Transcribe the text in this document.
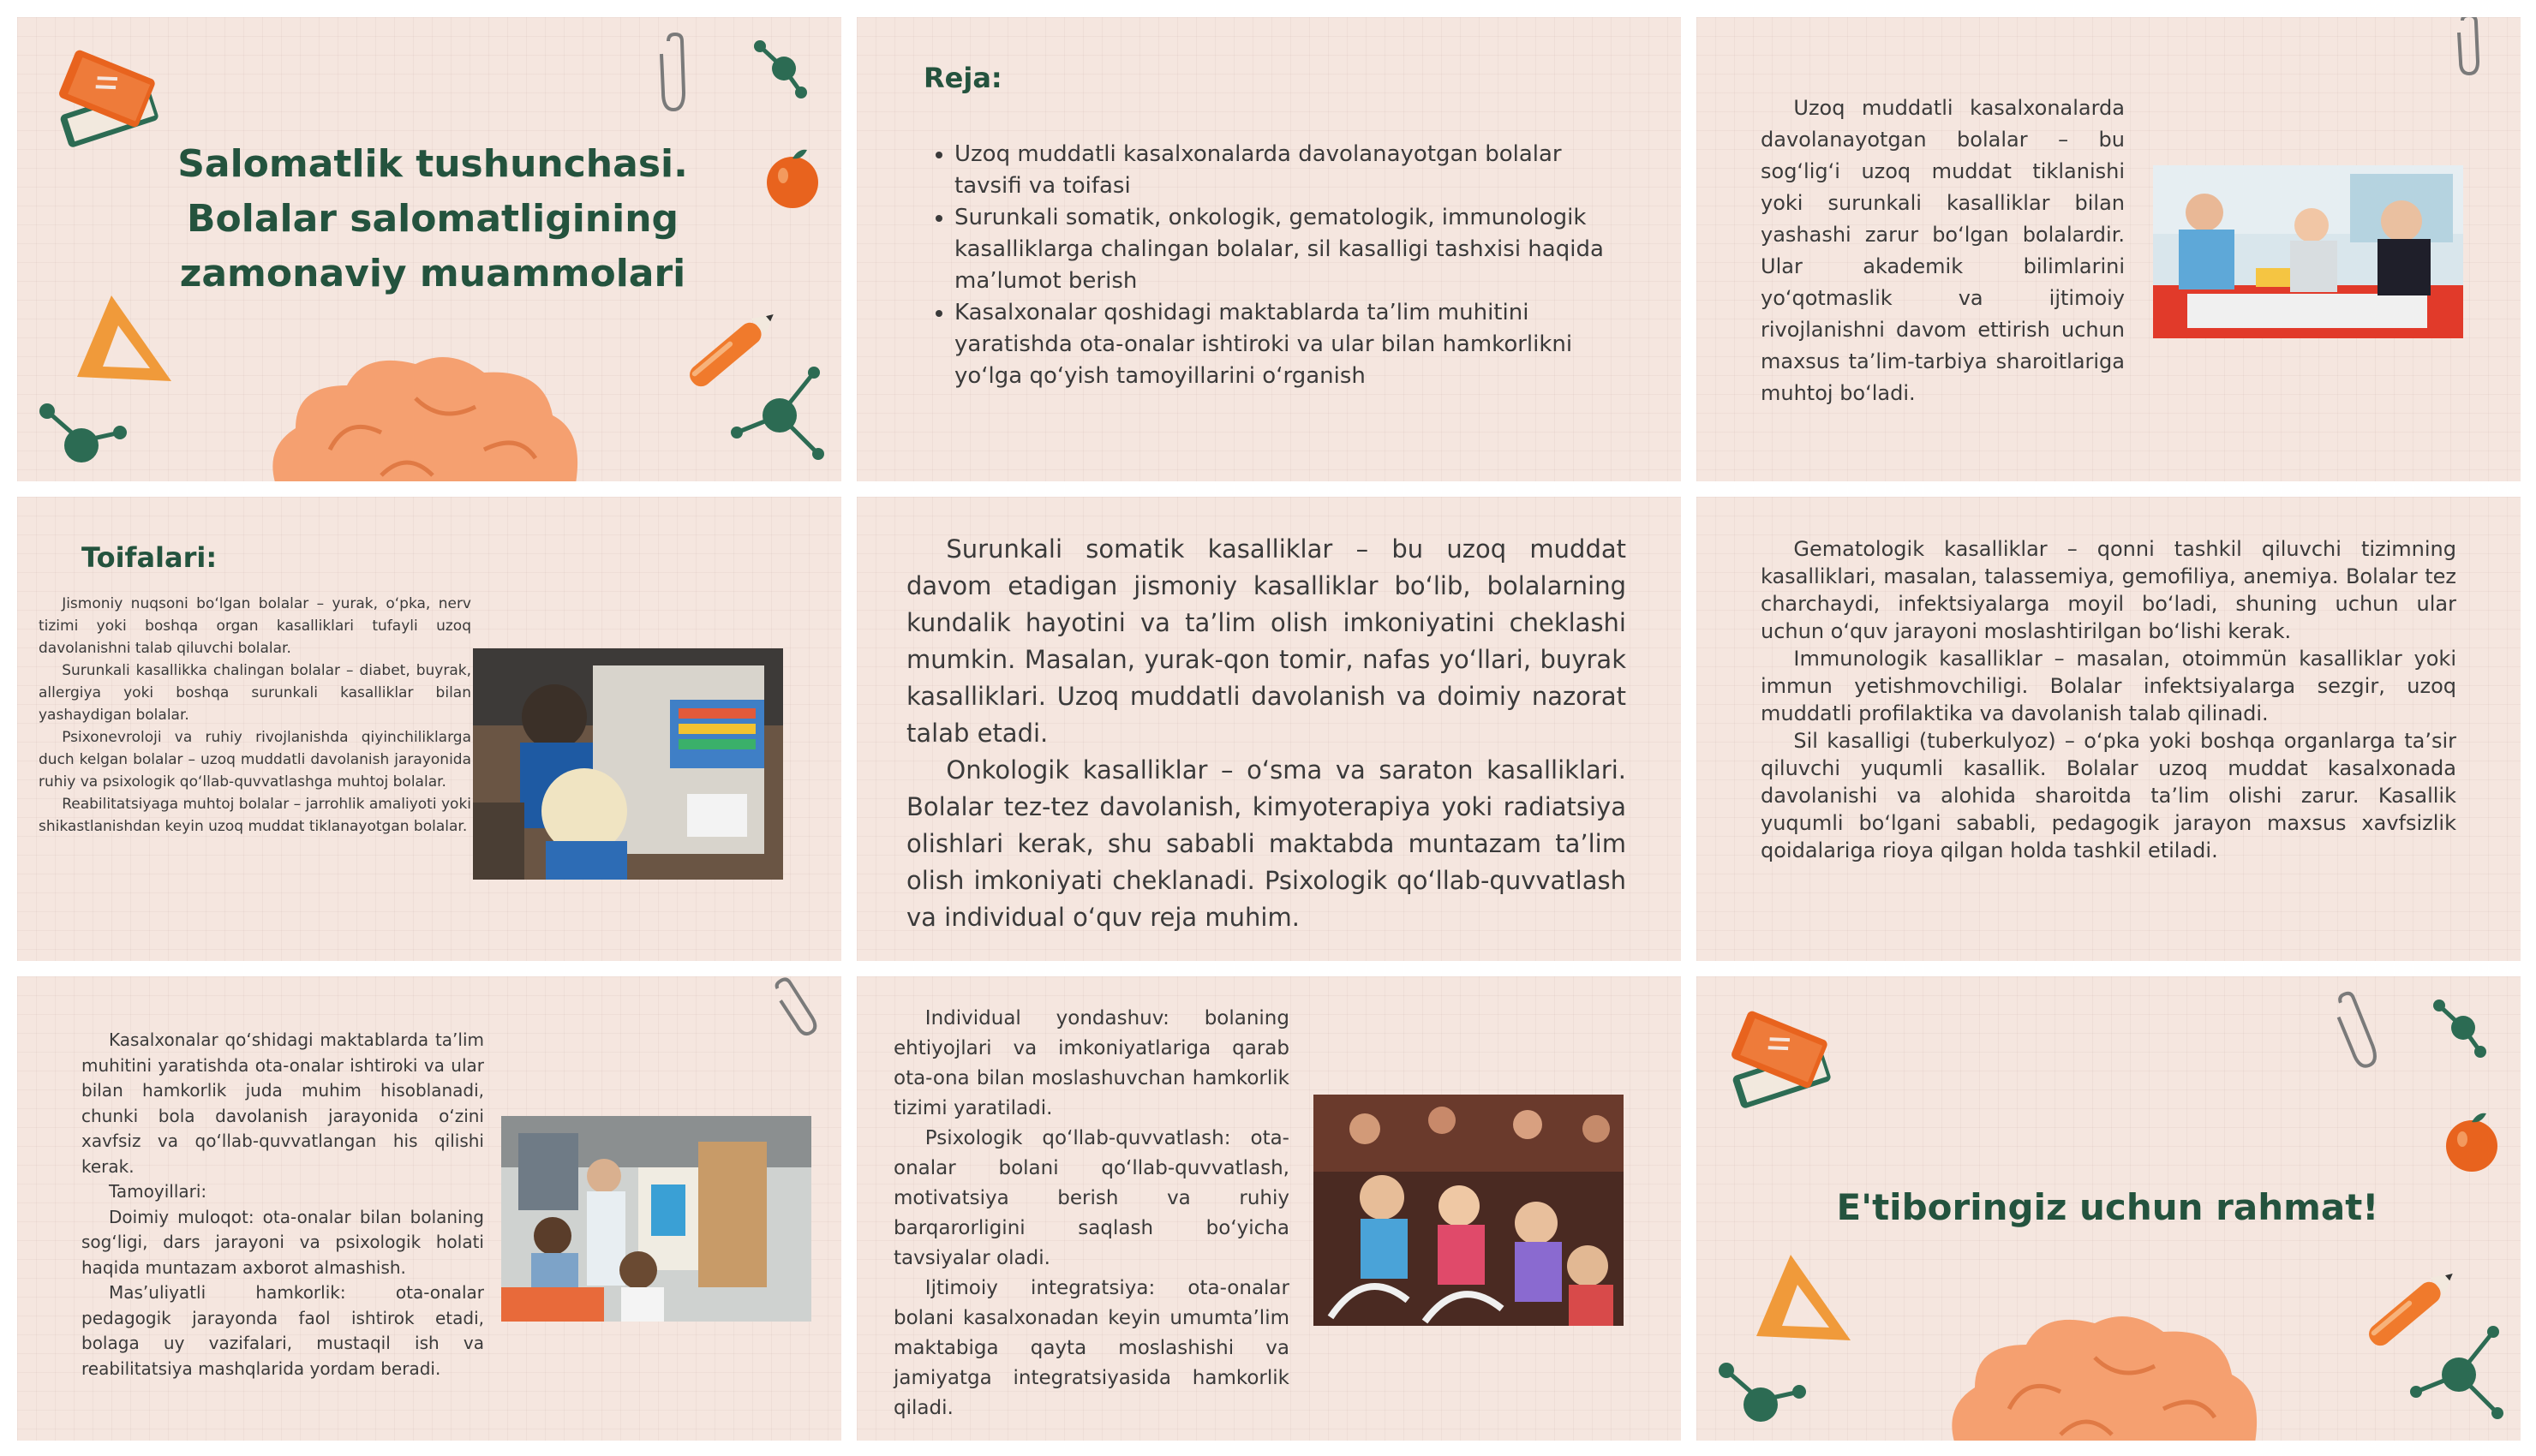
Salomatlik tushunchasi. Bolalar salomatligining zamonaviy muammolari
Reja:
• Uzoq muddatli kasalxonalarda davolanayotgan bolalar tavsifi va toifasi
• Surunkali somatik, onkologik, gematologik, immunologik kasalliklarga chalingan bolalar, sil kasalligi tashxisi haqida ma’lumot berish
• Kasalxonalar qoshidagi maktablarda ta’lim muhitini yaratishda ota-onalar ishtiroki va ular bilan hamkorlikni yo‘lga qo‘yish tamoyillarini o‘rganish

Uzoq muddatli kasalxonalarda davolanayotgan bolalar – bu sog‘lig‘i uzoq muddat tiklanishi yoki surunkali kasalliklar bilan yashashi zarur bo‘lgan bolalardir. Ular akademik bilimlarini yo‘qotmaslik va ijtimoiy rivojlanishni davom ettirish uchun maxsus ta’lim-tarbiya sharoitlariga muhtoj bo‘ladi.

Toifalari:

Jismoniy nuqsoni bo‘lgan bolalar – yurak, o‘pka, nerv tizimi yoki boshqa organ kasalliklari tufayli uzoq davolanishni talab qiluvchi bolalar.

Surunkali kasallikka chalingan bolalar – diabet, buyrak, allergiya yoki boshqa surunkali kasalliklar bilan yashaydigan bolalar.

Psixonevroloji va ruhiy rivojlanishda qiyinchiliklarga duch kelgan bolalar – uzoq muddatli davolanish jarayonida ruhiy va psixologik qo‘llab-quvvatlashga muhtoj bolalar.

Reabilitatsiyaga muhtoj bolalar – jarrohlik amaliyoti yoki shikastlanishdan keyin uzoq muddat tiklanayotgan bolalar.

Surunkali somatik kasalliklar – bu uzoq muddat davom etadigan jismoniy kasalliklar bo‘lib, bolalarning kundalik hayotini va ta’lim olish imkoniyatini cheklashi mumkin. Masalan, yurak-qon tomir, nafas yo‘llari, buyrak kasalliklari. Uzoq muddatli davolanish va doimiy nazorat talab etadi.

Onkologik kasalliklar – o‘sma va saraton kasalliklari. Bolalar tez-tez davolanish, kimyoterapiya yoki radiatsiya olishlari kerak, shu sababli maktabda muntazam ta’lim olish imkoniyati cheklanadi. Psixologik qo‘llab-quvvatlash va individual o‘quv reja muhim.

Gematologik kasalliklar – qonni tashkil qiluvchi tizimning kasalliklari, masalan, talassemiya, gemofiliya, anemiya. Bolalar tez charchaydi, infektsiyalarga moyil bo‘ladi, shuning uchun ular uchun o‘quv jarayoni moslashtirilgan bo‘lishi kerak.

Immunologik kasalliklar – masalan, otoimmün kasalliklar yoki immun yetishmovchiligi. Bolalar infektsiyalarga sezgir, uzoq muddatli profilaktika va davolanish talab qilinadi.

Sil kasalligi (tuberkulyoz) – o‘pka yoki boshqa organlarga ta’sir qiluvchi yuqumli kasallik. Bolalar uzoq muddat kasalxonada davolanishi va alohida sharoitda ta’lim olishi zarur. Kasallik yuqumli bo‘lgani sababli, pedagogik jarayon maxsus xavfsizlik qoidalariga rioya qilgan holda tashkil etiladi.

Kasalxonalar qo‘shidagi maktablarda ta’lim muhitini yaratishda ota-onalar ishtiroki va ular bilan hamkorlik juda muhim hisoblanadi, chunki bola davolanish jarayonida o‘zini xavfsiz va qo‘llab-quvvatlangan his qilishi kerak.

Tamoyillari:

Doimiy muloqot: ota-onalar bilan bolaning sog‘ligi, dars jarayoni va psixologik holati haqida muntazam axborot almashish.

Mas’uliyatli hamkorlik: ota-onalar pedagogik jarayonda faol ishtirok etadi, bolaga uy vazifalari, mustaqil ish va reabilitatsiya mashqlarida yordam beradi.

Individual yondashuv: bolaning ehtiyojlari va imkoniyatlariga qarab ota-ona bilan moslashuvchan hamkorlik tizimi yaratiladi.

Psixologik qo‘llab-quvvatlash: ota-onalar bolani qo‘llab-quvvatlash, motivatsiya berish va ruhiy barqarorligini saqlash bo‘yicha tavsiyalar oladi.

Ijtimoiy integratsiya: ota-onalar bolani kasalxonadan keyin umumta’lim maktabiga qayta moslashishi va jamiyatga integratsiyasida hamkorlik qiladi.

E'tiboringiz uchun rahmat!
